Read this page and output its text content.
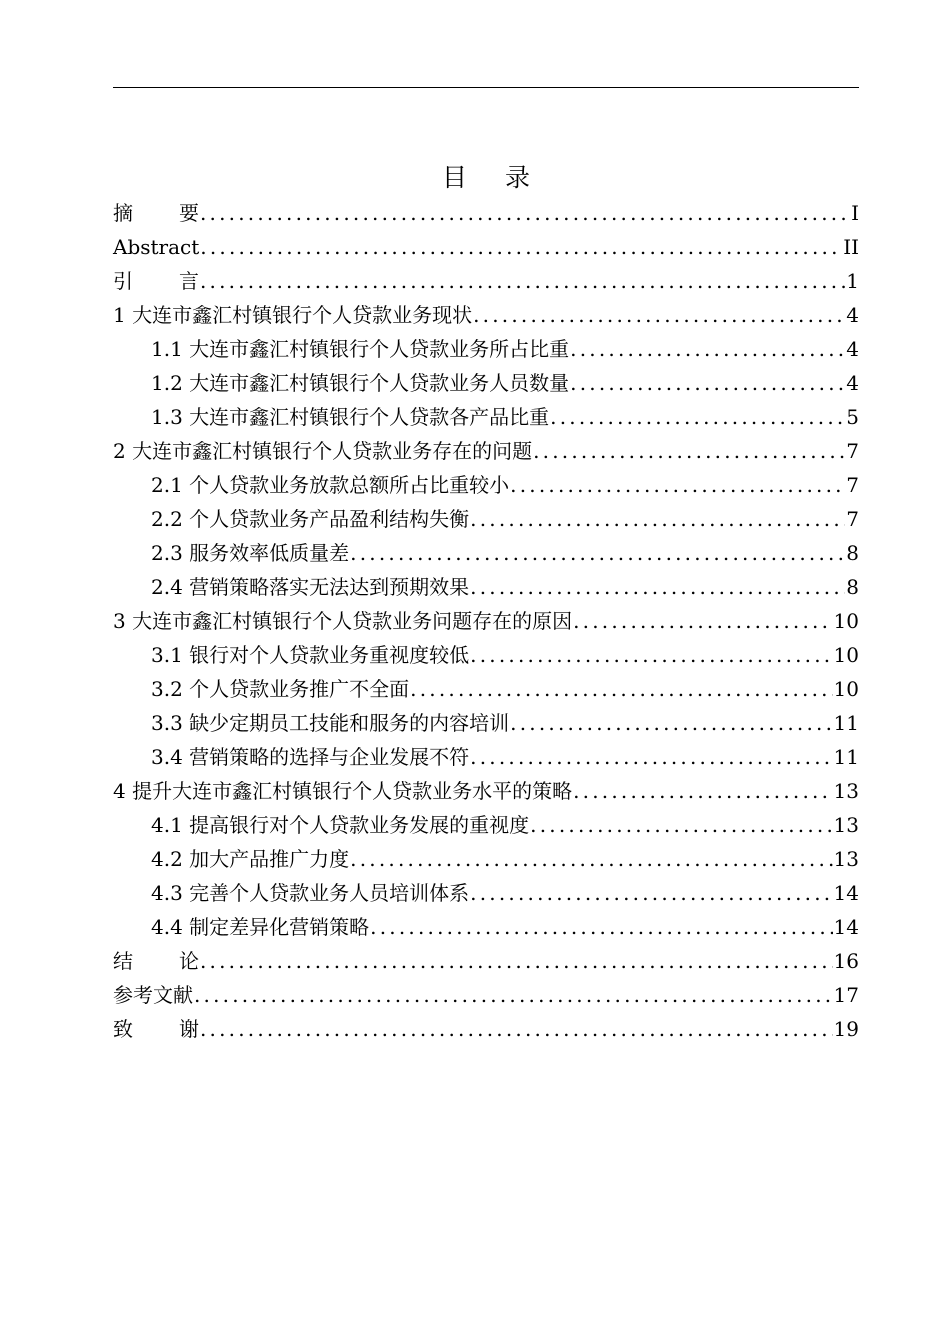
目录
摘要 .....	I
Abstract .....	II
引言 .....	1
1 大连市鑫汇村镇银行个人贷款业务现状 .....	4
1.1 大连市鑫汇村镇银行个人贷款业务所占比重 .....	4
1.2 大连市鑫汇村镇银行个人贷款业务人员数量 .....	4
1.3 大连市鑫汇村镇银行个人贷款各产品比重 .....	5
2 大连市鑫汇村镇银行个人贷款业务存在的问题 .....	7
2.1 个人贷款业务放款总额所占比重较小 .....	7
2.2 个人贷款业务产品盈利结构失衡 .....	7
2.3 服务效率低质量差 .....	8
2.4 营销策略落实无法达到预期效果 .....	8
3 大连市鑫汇村镇银行个人贷款业务问题存在的原因 .....	10
3.1 银行对个人贷款业务重视度较低 .....	10
3.2 个人贷款业务推广不全面 .....	10
3.3 缺少定期员工技能和服务的内容培训 .....	11
3.4 营销策略的选择与企业发展不符 .....	11
4 提升大连市鑫汇村镇银行个人贷款业务水平的策略 .....	13
4.1 提高银行对个人贷款业务发展的重视度 .....	13
4.2 加大产品推广力度 .....	13
4.3 完善个人贷款业务人员培训体系 .....	14
4.4 制定差异化营销策略 .....	14
结论 .....	16
参考文献 .....	17
致谢 .....	19
